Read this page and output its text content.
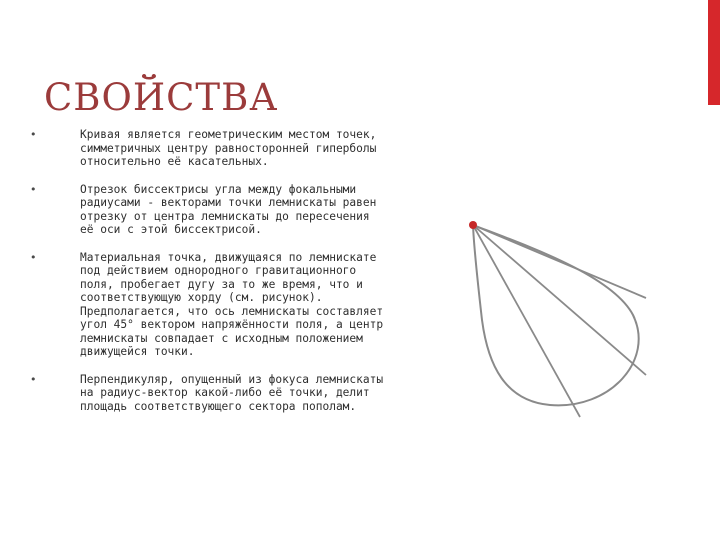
СВОЙСТВА
•	Кривая является геометрическим местом точек, симметричных центру равносторонней гиперболы относительно её касательных.
•	Отрезок биссектрисы угла между фокальными радиусами - векторами точки лемнискаты равен отрезку от центра лемнискаты до пересечения её оси с этой биссектрисой.
•	Материальная точка, движущаяся по лемнискате под действием однородного гравитационного поля, пробегает дугу за то же время, что и соответствующую хорду (см. рисунок). Предполагается, что ось лемнискаты составляет угол 45° вектором напряжённости поля, а центр лемнискаты совпадает с исходным положением движущейся точки.
•	Перпендикуляр, опущенный из фокуса лемнискаты на радиус-вектор какой-либо её точки, делит площадь соответствующего сектора пополам.
